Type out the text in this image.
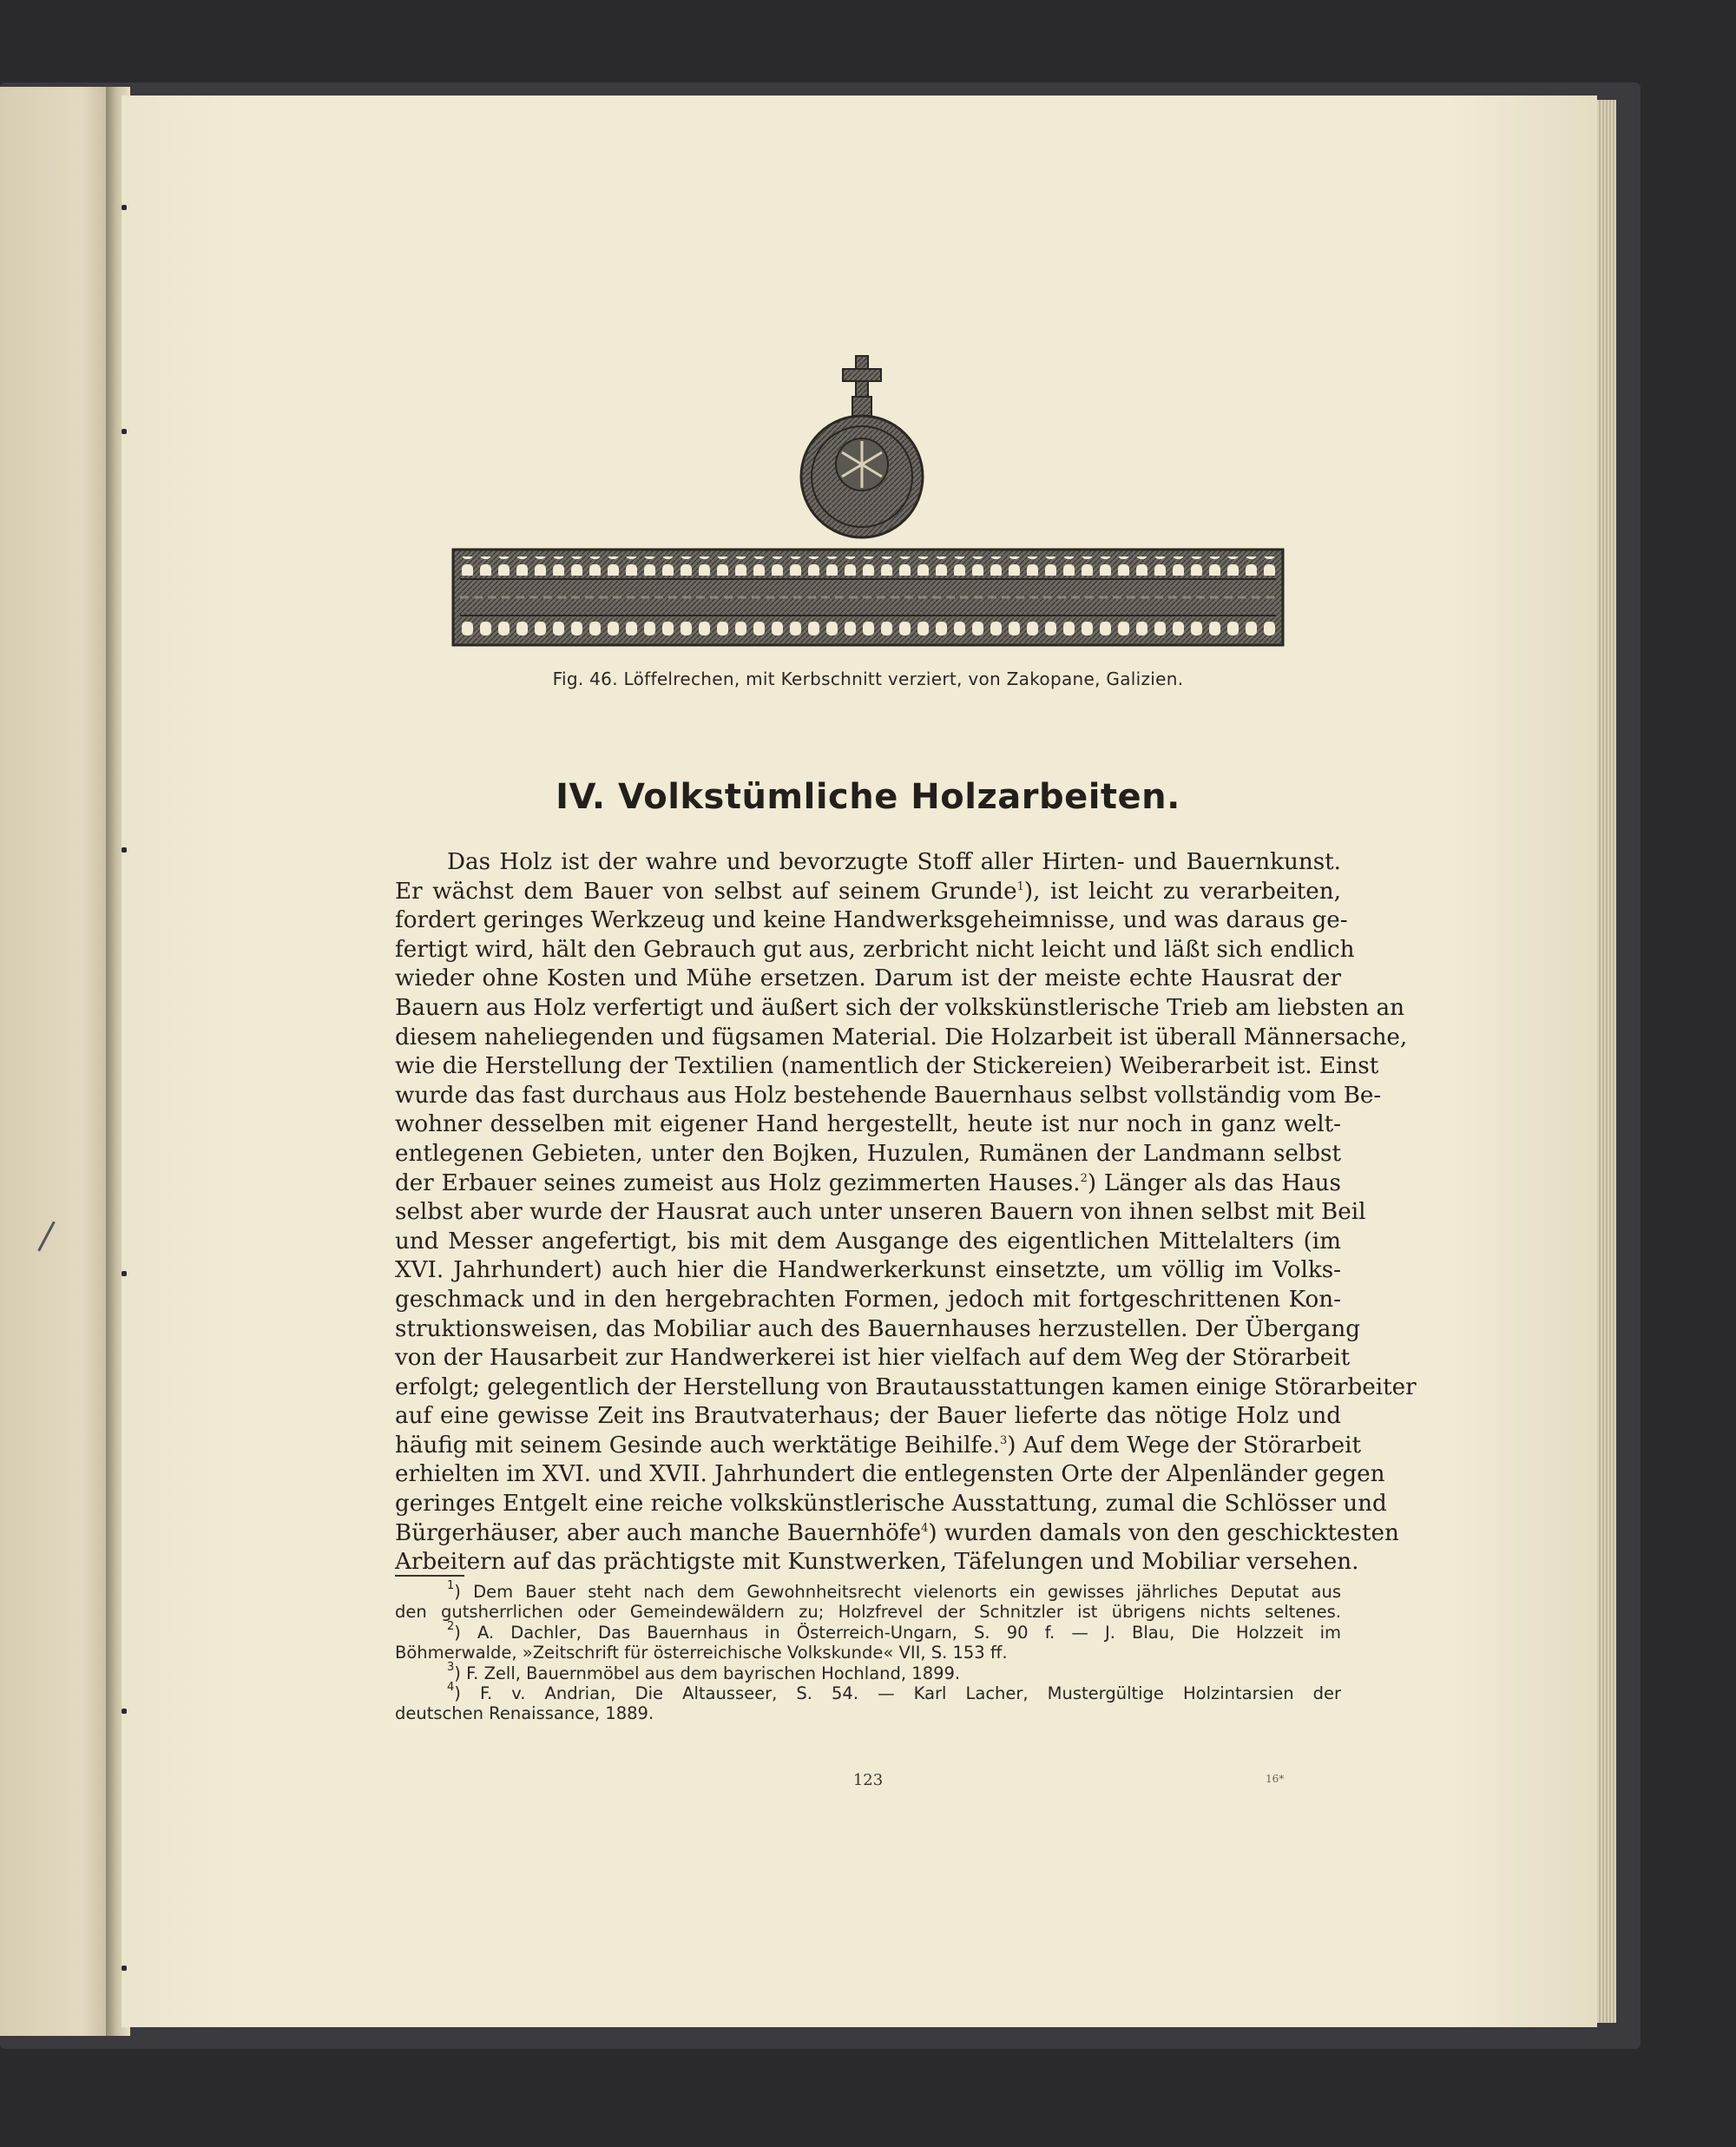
Fig. 46. Löffelrechen, mit Kerbschnitt verziert, von Zakopane, Galizien.
IV. Volkstümliche Holzarbeiten.
Das Holz ist der wahre und bevorzugte Stoff aller Hirten- und Bauernkunst.
Er wächst dem Bauer von selbst auf seinem Grunde$^1$), ist leicht zu verarbeiten,
fordert geringes Werkzeug und keine Handwerksgeheimnisse, und was daraus ge-
fertigt wird, hält den Gebrauch gut aus, zerbricht nicht leicht und läßt sich endlich
wieder ohne Kosten und Mühe ersetzen. Darum ist der meiste echte Hausrat der
Bauern aus Holz verfertigt und äußert sich der volkskünstlerische Trieb am liebsten an
diesem naheliegenden und fügsamen Material. Die Holzarbeit ist überall Männersache,
wie die Herstellung der Textilien (namentlich der Stickereien) Weiberarbeit ist. Einst
wurde das fast durchaus aus Holz bestehende Bauernhaus selbst vollständig vom Be-
wohner desselben mit eigener Hand hergestellt, heute ist nur noch in ganz welt-
entlegenen Gebieten, unter den Bojken, Huzulen, Rumänen der Landmann selbst
der Erbauer seines zumeist aus Holz gezimmerten Hauses.$^2$) Länger als das Haus
selbst aber wurde der Hausrat auch unter unseren Bauern von ihnen selbst mit Beil
und Messer angefertigt, bis mit dem Ausgange des eigentlichen Mittelalters (im
XVI. Jahrhundert) auch hier die Handwerkerkunst einsetzte, um völlig im Volks-
geschmack und in den hergebrachten Formen, jedoch mit fortgeschrittenen Kon-
struktionsweisen, das Mobiliar auch des Bauernhauses herzustellen. Der Übergang
von der Hausarbeit zur Handwerkerei ist hier vielfach auf dem Weg der Störarbeit
erfolgt; gelegentlich der Herstellung von Brautausstattungen kamen einige Störarbeiter
auf eine gewisse Zeit ins Brautvaterhaus; der Bauer lieferte das nötige Holz und
häufig mit seinem Gesinde auch werktätige Beihilfe.$^3$) Auf dem Wege der Störarbeit
erhielten im XVI. und XVII. Jahrhundert die entlegensten Orte der Alpenländer gegen
geringes Entgelt eine reiche volkskünstlerische Ausstattung, zumal die Schlösser und
Bürgerhäuser, aber auch manche Bauernhöfe$^4$) wurden damals von den geschicktesten
Arbeitern auf das prächtigste mit Kunstwerken, Täfelungen und Mobiliar versehen.
$^1$) Dem Bauer steht nach dem Gewohnheitsrecht vielenorts ein gewisses jährliches Deputat aus
den gutsherrlichen oder Gemeindewäldern zu; Holzfrevel der Schnitzler ist übrigens nichts seltenes.
$^2$) A. Dachler, Das Bauernhaus in Österreich-Ungarn, S. 90 f. — J. Blau, Die Holzzeit im
Böhmerwalde, »Zeitschrift für österreichische Volkskunde« VII, S. 153 ff.
$^3$) F. Zell, Bauernmöbel aus dem bayrischen Hochland, 1899.
$^4$) F. v. Andrian, Die Altausseer, S. 54. — Karl Lacher, Mustergültige Holzintarsien der
deutschen Renaissance, 1889.
123	16*
